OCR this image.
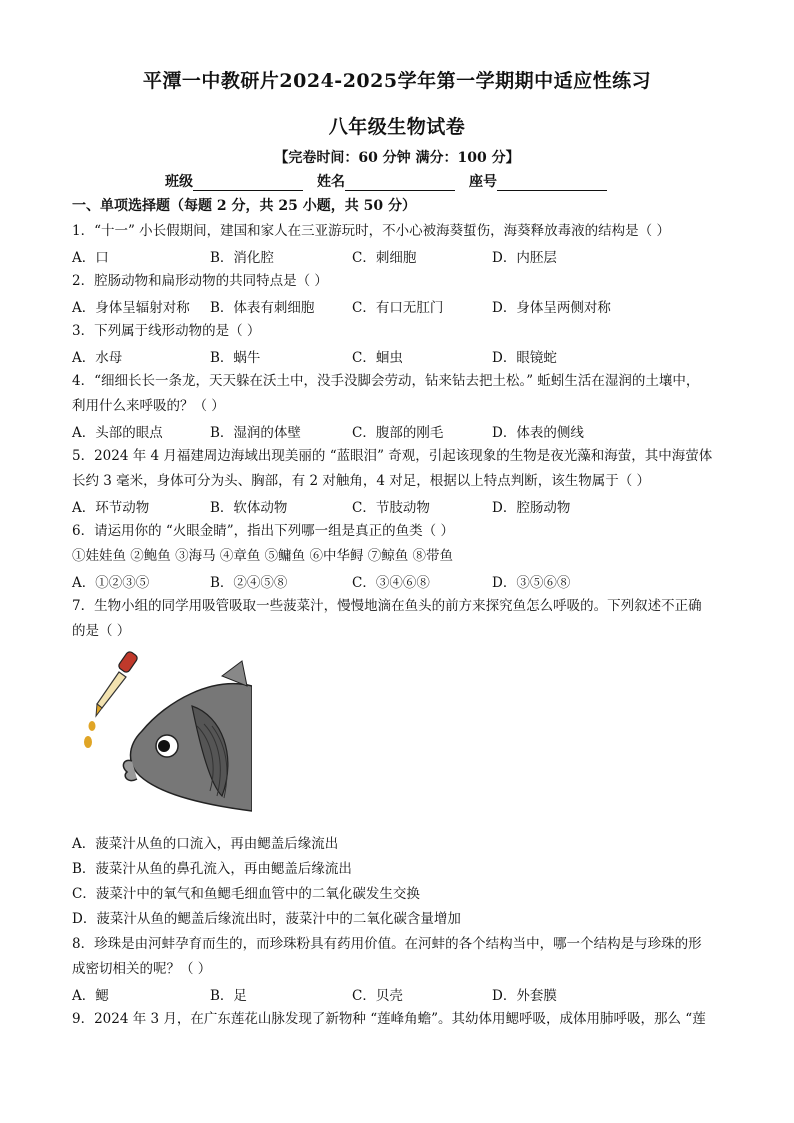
平潭一中教研片2024-2025学年第一学期期中适应性练习
八年级生物试卷
【完卷时间：60 分钟 满分：100 分】
班级	姓名	座号
一、单项选择题（每题 2 分，共 25 小题，共 50 分）
1．“十一” 小长假期间，建国和家人在三亚游玩时，不小心被海葵蜇伤，海葵释放毒液的结构是（ ）
A．口	B．消化腔	C．刺细胞	D．内胚层
2．腔肠动物和扁形动物的共同特点是（ ）
A．身体呈辐射对称 B．体表有刺细胞	C．有口无肛门	D．身体呈两侧对称
3．下列属于线形动物的是（ ）
A．水母	B．蜗牛	C．蛔虫	D．眼镜蛇
4．“细细长长一条龙，天天躲在沃土中，没手没脚会劳动，钻来钻去把土松。” 蚯蚓生活在湿润的土壤中，
利用什么来呼吸的？（ ）
A．头部的眼点	B．湿润的体壁	C．腹部的刚毛	D．体表的侧线
5．2024 年 4 月福建周边海域出现美丽的 “蓝眼泪” 奇观，引起该现象的生物是夜光藻和海萤，其中海萤体
长约 3 毫米，身体可分为头、胸部，有 2 对触角，4 对足，根据以上特点判断，该生物属于（ ）
A．环节动物	B．软体动物	C．节肢动物	D．腔肠动物
6．请运用你的 “火眼金睛”，指出下列哪一组是真正的鱼类（ ）
①娃娃鱼 ②鲍鱼 ③海马 ④章鱼 ⑤鳙鱼 ⑥中华鲟 ⑦鲸鱼 ⑧带鱼
A．①②③⑤	B．②④⑤⑧	C．③④⑥⑧	D．③⑤⑥⑧
7．生物小组的同学用吸管吸取一些菠菜汁，慢慢地滴在鱼头的前方来探究鱼怎么呼吸的。下列叙述不正确
的是（ ）
A．菠菜汁从鱼的口流入，再由鳃盖后缘流出
B．菠菜汁从鱼的鼻孔流入，再由鳃盖后缘流出
C．菠菜汁中的氧气和鱼鳃毛细血管中的二氧化碳发生交换
D．菠菜汁从鱼的鳃盖后缘流出时，菠菜汁中的二氧化碳含量增加
8．珍珠是由河蚌孕育而生的，而珍珠粉具有药用价值。在河蚌的各个结构当中，哪一个结构是与珍珠的形
成密切相关的呢？（ ）
A．鳃	B．足	C．贝壳	D．外套膜
9．2024 年 3 月，在广东莲花山脉发现了新物种 “莲峰角蟾”。其幼体用鳃呼吸，成体用肺呼吸，那么 “莲
